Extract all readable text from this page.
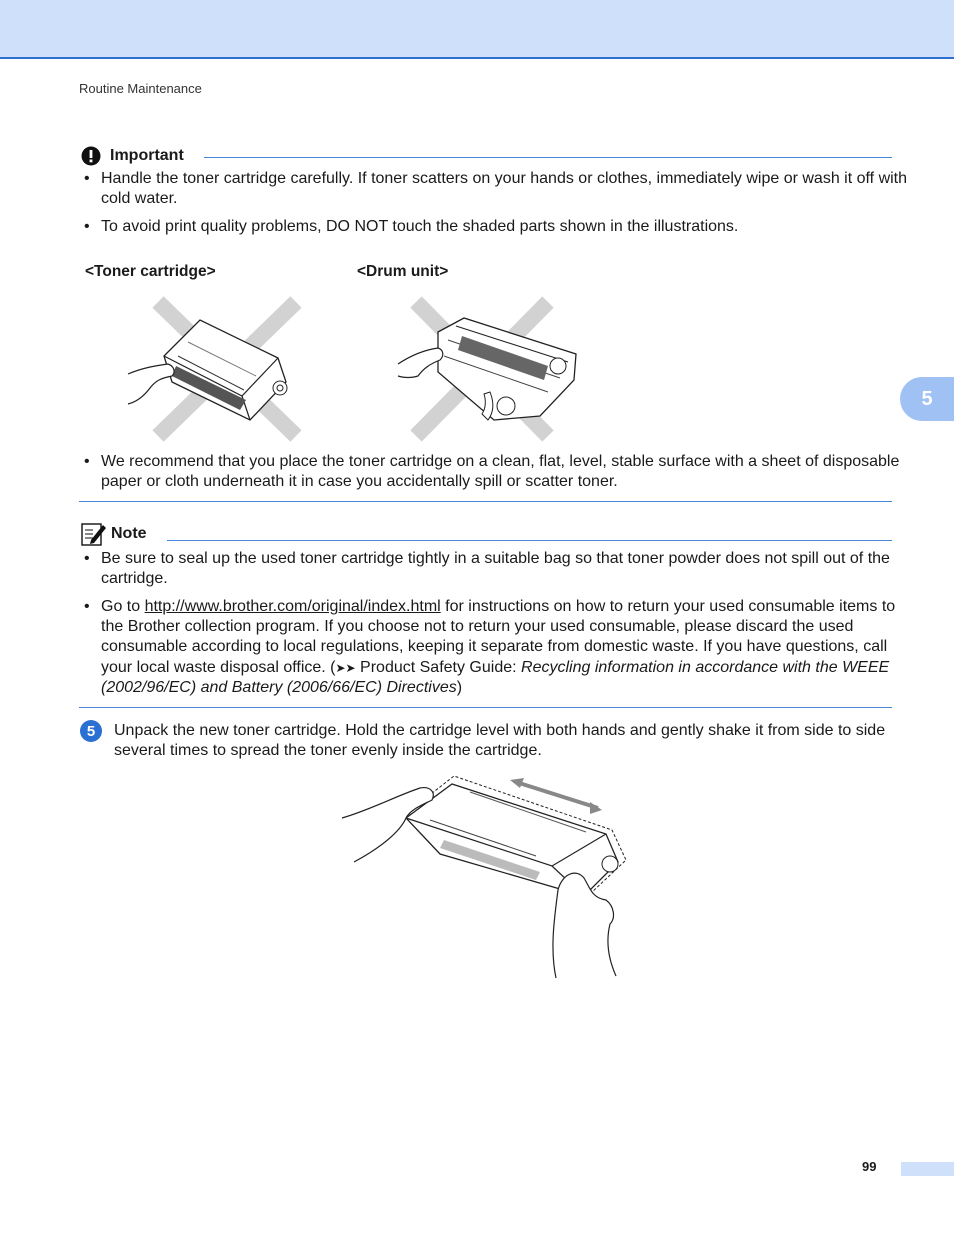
Routine Maintenance
5
Important
• Handle the toner cartridge carefully. If toner scatters on your hands or clothes, immediately wipe or wash it off with cold water.
• To avoid print quality problems, DO NOT touch the shaded parts shown in the illustrations.
<Toner cartridge>	<Drum unit>
• We recommend that you place the toner cartridge on a clean, flat, level, stable surface with a sheet of disposable paper or cloth underneath it in case you accidentally spill or scatter toner.
Note
• Be sure to seal up the used toner cartridge tightly in a suitable bag so that toner powder does not spill out of the cartridge.
• Go to http://www.brother.com/original/index.html for instructions on how to return your used consumable items to the Brother collection program. If you choose not to return your used consumable, please discard the used consumable according to local regulations, keeping it separate from domestic waste. If you have questions, call your local waste disposal office. (➤➤ Product Safety Guide: Recycling information in accordance with the WEEE (2002/96/EC) and Battery (2006/66/EC) Directives)
5	Unpack the new toner cartridge. Hold the cartridge level with both hands and gently shake it from side to side several times to spread the toner evenly inside the cartridge.
99
